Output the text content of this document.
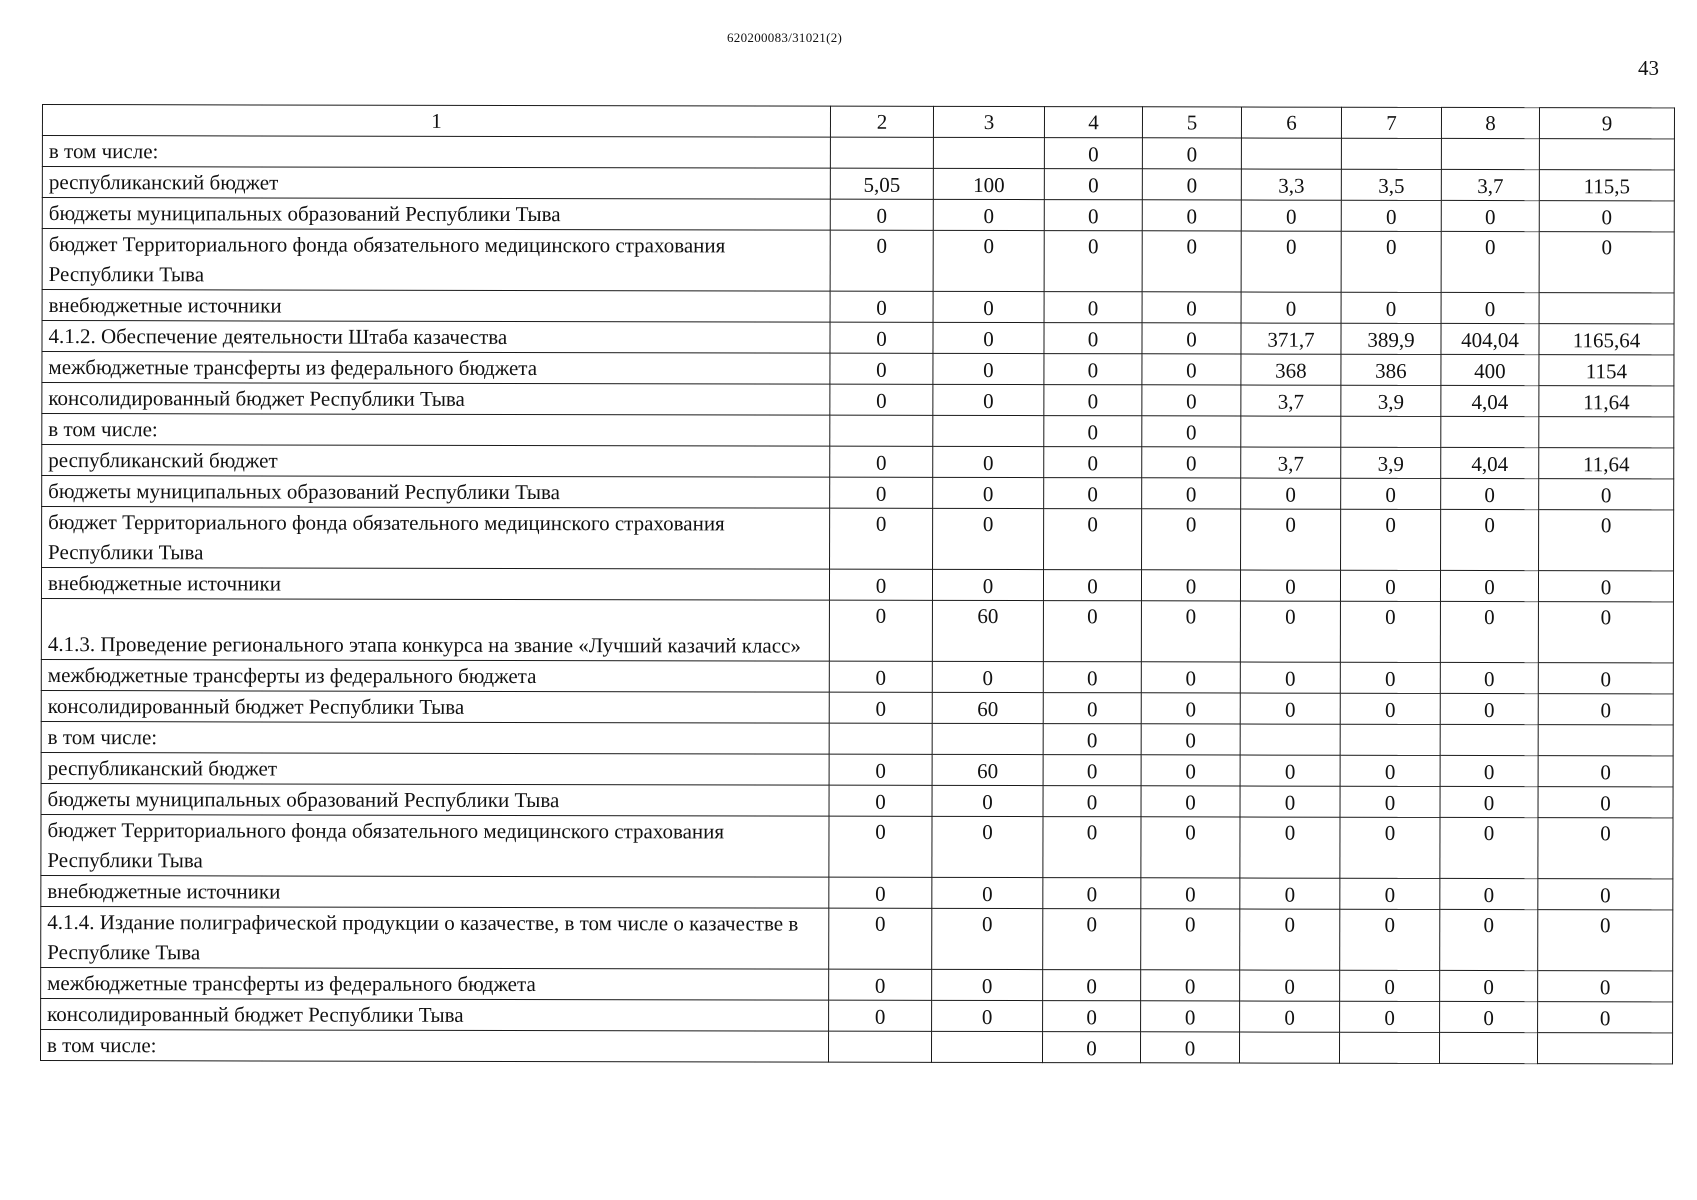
620200083/31021(2)
43
1	2	3	4	5	6	7	8	9
в том числе:			0	0				
республиканский бюджет	5,05	100	0	0	3,3	3,5	3,7	115,5
бюджеты муниципальных образований Республики Тыва	0	0	0	0	0	0	0	0
бюджет Территориального фонда обязательного медицинского страхования Республики Тыва	0	0	0	0	0	0	0	0
внебюджетные источники	0	0	0	0	0	0	0	
4.1.2. Обеспечение деятельности Штаба казачества	0	0	0	0	371,7	389,9	404,04	1165,64
межбюджетные трансферты из федерального бюджета	0	0	0	0	368	386	400	1154
консолидированный бюджет Республики Тыва	0	0	0	0	3,7	3,9	4,04	11,64
в том числе:			0	0				
республиканский бюджет	0	0	0	0	3,7	3,9	4,04	11,64
бюджеты муниципальных образований Республики Тыва	0	0	0	0	0	0	0	0
бюджет Территориального фонда обязательного медицинского страхования Республики Тыва	0	0	0	0	0	0	0	0
внебюджетные источники	0	0	0	0	0	0	0	0
4.1.3. Проведение регионального этапа конкурса на звание «Лучший казачий класс»	0	60	0	0	0	0	0	0
межбюджетные трансферты из федерального бюджета	0	0	0	0	0	0	0	0
консолидированный бюджет Республики Тыва	0	60	0	0	0	0	0	0
в том числе:			0	0				
республиканский бюджет	0	60	0	0	0	0	0	0
бюджеты муниципальных образований Республики Тыва	0	0	0	0	0	0	0	0
бюджет Территориального фонда обязательного медицинского страхования Республики Тыва	0	0	0	0	0	0	0	0
внебюджетные источники	0	0	0	0	0	0	0	0
4.1.4. Издание полиграфической продукции о казачестве, в том числе о казачестве в Республике Тыва	0	0	0	0	0	0	0	0
межбюджетные трансферты из федерального бюджета	0	0	0	0	0	0	0	0
консолидированный бюджет Республики Тыва	0	0	0	0	0	0	0	0
в том числе:			0	0				
